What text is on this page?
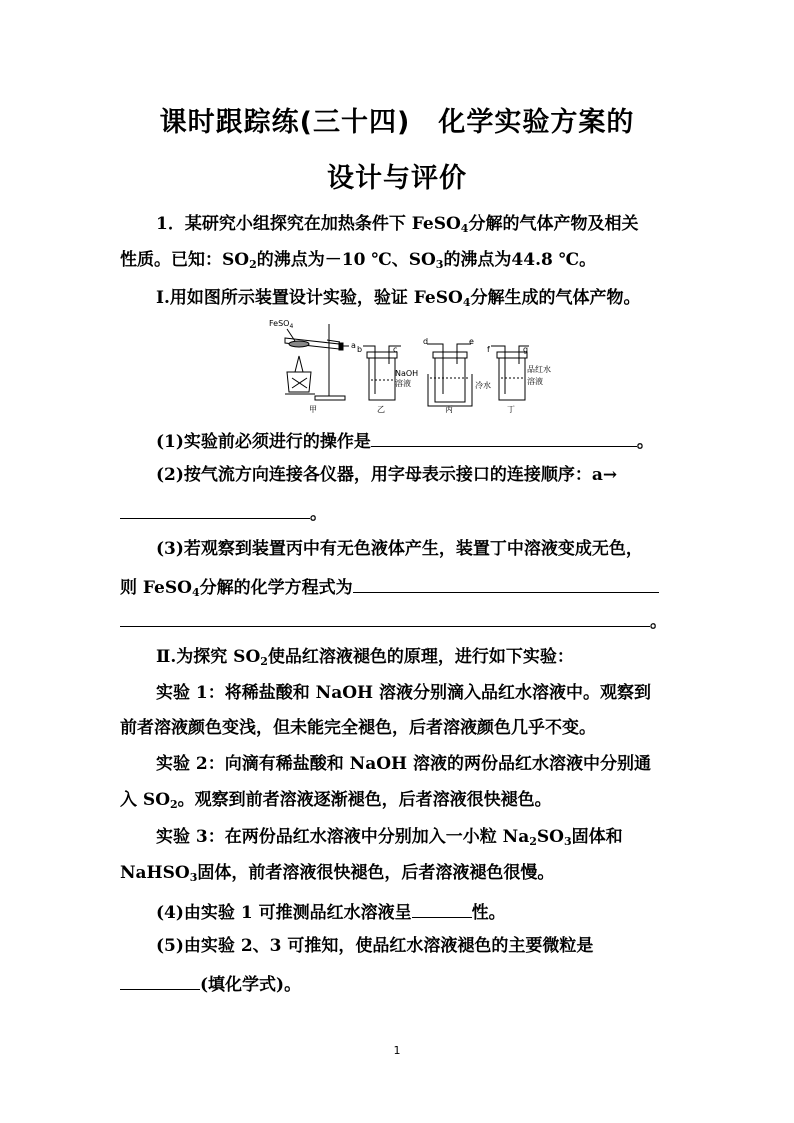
课时跟踪练(三十四)　化学实验方案的
设计与评价
1．某研究小组探究在加热条件下 FeSO$_4$分解的气体产物及相关
性质。已知：$SO_2$的沸点为－10 ℃、$SO_3$的沸点为44.8 ℃。
Ⅰ.用如图所示装置设计实验，验证 FeSO$_4$分解生成的气体产物。
FeSO$_4$
a b	c
d	e
f	g
NaOH
溶液	冷水
品红水
溶液
甲	乙	丙	丁
(1)实验前必须进行的操作是	。
(2)按气流方向连接各仪器，用字母表示接口的连接顺序：a→
。
(3)若观察到装置丙中有无色液体产生，装置丁中溶液变成无色，
则 FeSO$_4$分解的化学方程式为
。
Ⅱ.为探究 $SO_2$使品红溶液褪色的原理，进行如下实验：
实验 1：将稀盐酸和 NaOH 溶液分别滴入品红水溶液中。观察到
前者溶液颜色变浅，但未能完全褪色，后者溶液颜色几乎不变。
实验 2：向滴有稀盐酸和 NaOH 溶液的两份品红水溶液中分别通
入 $SO_2$。观察到前者溶液逐渐褪色，后者溶液很快褪色。
实验 3：在两份品红水溶液中分别加入一小粒 $Na_2SO_3$固体和
NaHSO$_3$固体，前者溶液很快褪色，后者溶液褪色很慢。
(4)由实验 1 可推测品红水溶液呈	性。
(5)由实验 2、3 可推知，使品红水溶液褪色的主要微粒是
(填化学式)。
1
